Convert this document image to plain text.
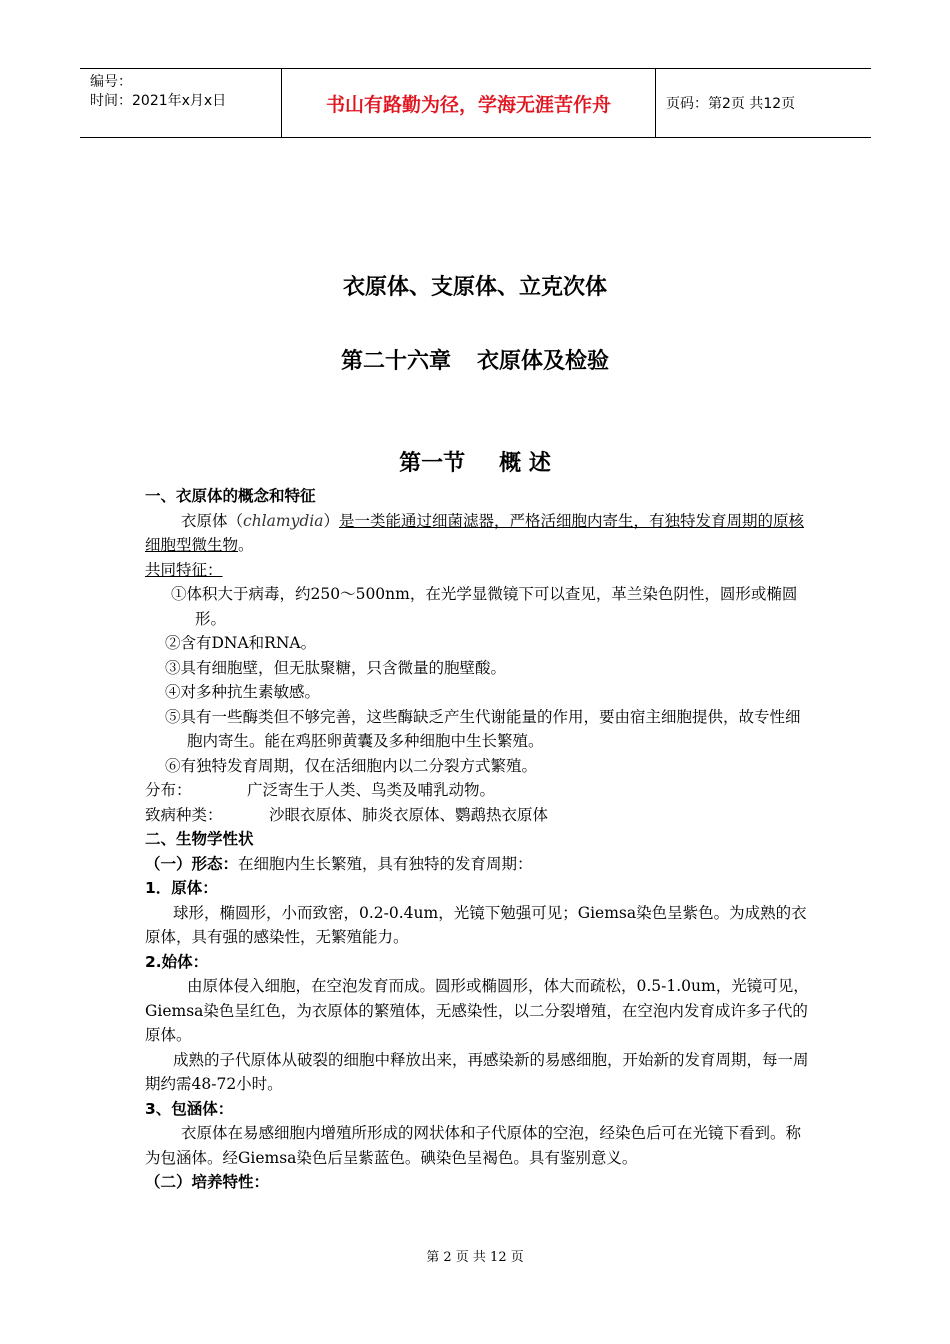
编号：
时间：2021年x月x日	书山有路勤为径，学海无涯苦作舟	页码：第2页 共12页
衣原体、支原体、立克次体
第二十六章 衣原体及检验
第一节 概 述

一、衣原体的概念和特征

衣原体（chlamydia）是一类能通过细菌滤器，严格活细胞内寄生，有独特发育周期的原核细胞型微生物。

共同特征：

①体积大于病毒，约250～500nm，在光学显微镜下可以查见，革兰染色阴性，圆形或椭圆形。

②含有DNA和RNA。

③具有细胞壁，但无肽聚糖，只含微量的胞壁酸。

④对多种抗生素敏感。

⑤具有一些酶类但不够完善，这些酶缺乏产生代谢能量的作用，要由宿主细胞提供，故专性细胞内寄生。能在鸡胚卵黄囊及多种细胞中生长繁殖。

⑥有独特发育周期，仅在活细胞内以二分裂方式繁殖。

分布：	广泛寄生于人类、鸟类及哺乳动物。

致病种类：	沙眼衣原体、肺炎衣原体、鹦鹉热衣原体

二、生物学性状

（一）形态：在细胞内生长繁殖，具有独特的发育周期：

1．原体：

球形，椭圆形，小而致密，0.2-0.4um，光镜下勉强可见；Giemsa染色呈紫色。为成熟的衣原体，具有强的感染性，无繁殖能力。

2.始体：

由原体侵入细胞，在空泡发育而成。圆形或椭圆形，体大而疏松，0.5-1.0um，光镜可见，Giemsa染色呈红色，为衣原体的繁殖体，无感染性，以二分裂增殖，在空泡内发育成许多子代的原体。

成熟的子代原体从破裂的细胞中释放出来，再感染新的易感细胞，开始新的发育周期，每一周期约需48-72小时。

3、包涵体：

衣原体在易感细胞内增殖所形成的网状体和子代原体的空泡，经染色后可在光镜下看到。称为包涵体。经Giemsa染色后呈紫蓝色。碘染色呈褐色。具有鉴别意义。

（二）培养特性：

第 2 页 共 12 页
